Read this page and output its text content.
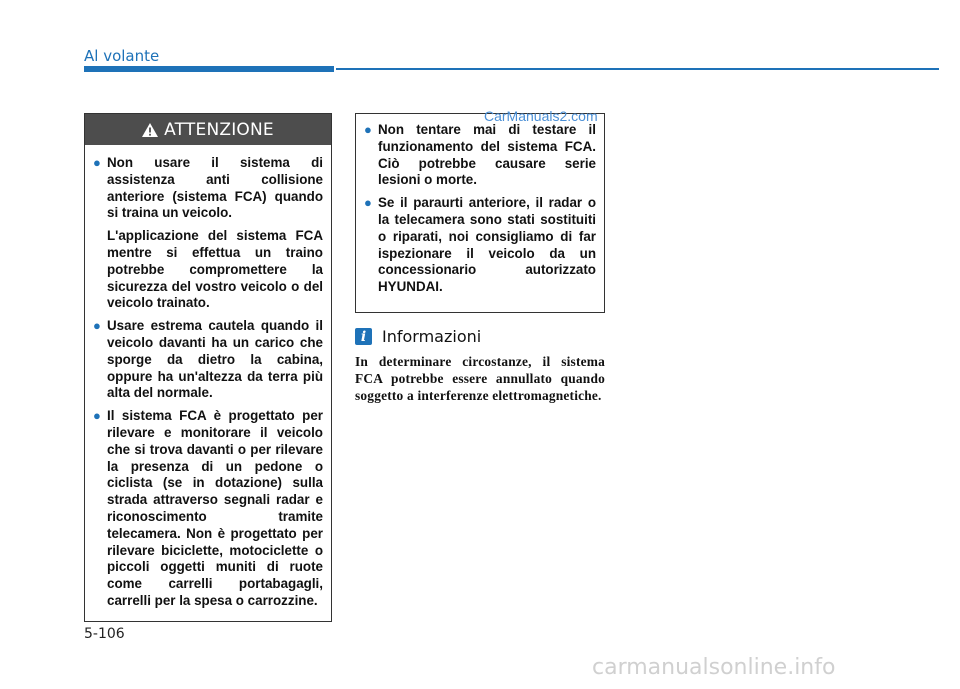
Al volante
ATTENZIONE
● Non usare il sistema di assistenza anti collisione anteriore (sistema FCA) quando si traina un veicolo.

L'applicazione del sistema FCA mentre si effettua un traino potrebbe compromettere la sicurezza del vostro veicolo o del veicolo trainato.

● Usare estrema cautela quando il veicolo davanti ha un carico che sporge da dietro la cabina, oppure ha un'altezza da terra più alta del normale.

● Il sistema FCA è progettato per rilevare e monitorare il veicolo che si trova davanti o per rilevare la presenza di un pedone o ciclista (se in dotazione) sulla strada attraverso segnali radar e riconoscimento tramite telecamera. Non è progettato per rilevare biciclette, motociclette o piccoli oggetti muniti di ruote come carrelli portabagagli, carrelli per la spesa o carrozzine.

● Non tentare mai di testare il funzionamento del sistema FCA. Ciò potrebbe causare serie lesioni o morte.

● Se il paraurti anteriore, il radar o la telecamera sono stati sostituiti o riparati, noi consigliamo di far ispezionare il veicolo da un concessionario autorizzato HYUNDAI.

i Informazioni
In determinare circostanze, il sistema FCA potrebbe essere annullato quando soggetto a interferenze elettromagnetiche.
CarManuals2.com
5-106
carmanualsonline.info
